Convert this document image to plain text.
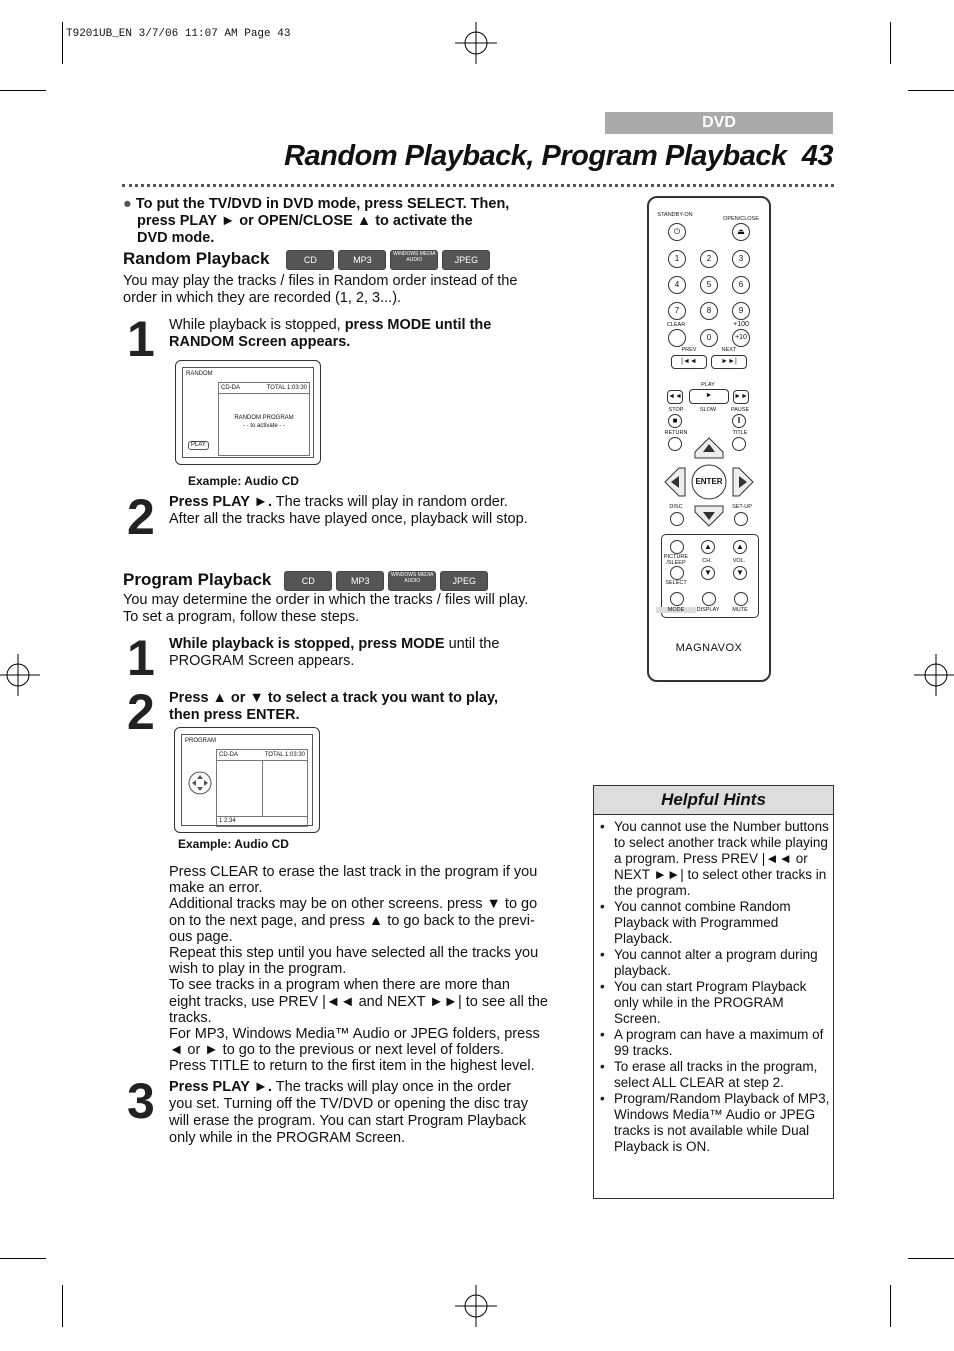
T9201UB_EN 3/7/06 11:07 AM Page 43
DVD
Random Playback, Program Playback 43
● To put the TV/DVD in DVD mode, press SELECT. Then,
press PLAY ► or OPEN/CLOSE ▲ to activate the
DVD mode.
Random Playback	CD	MP3WINDOWS MEDIA AUDIO	JPEG
You may play the tracks / files in Random order instead of the
order in which they are recorded (1, 2, 3...).
1 While playback is stopped, press MODE until the
RANDOM Screen appears.
RANDOM
CD-DA	TOTAL 1:03:30
RANDOM PROGRAM
- - to activate - -
PLAY
Example: Audio CD
2 Press PLAY ►. The tracks will play in random order.
After all the tracks have played once, playback will stop.
Program Playback	CD	MP3WINDOWS MEDIA AUDIO	JPEG
You may determine the order in which the tracks / files will play.
To set a program, follow these steps.
1 While playback is stopped, press MODE until the
PROGRAM Screen appears.
2 Press ▲ or ▼ to select a track you want to play,
then press ENTER.
PROGRAM
CD-DA	TOTAL 1:03:30
1 2:34
Example: Audio CD
Press CLEAR to erase the last track in the program if you
make an error.
Additional tracks may be on other screens. press ▼ to go
on to the next page, and press ▲ to go back to the previ-
ous page.
Repeat this step until you have selected all the tracks you
wish to play in the program.
To see tracks in a program when there are more than
eight tracks, use PREV |◄◄ and NEXT ►►| to see all the
tracks.
For MP3, Windows Media™ Audio or JPEG folders, press
◄ or ► to go to the previous or next level of folders.
Press TITLE to return to the first item in the highest level.
3 Press PLAY ►. The tracks will play once in the order
you set. Turning off the TV/DVD or opening the disc tray
will erase the program. You can start Program Playback
only while in the PROGRAM Screen.
STANDBY-ON
OPEN/CLOSE
⏻	⏏
1	2	3
4	5	6
7	8	9
CLEAR	+100
0	+10
PREV	NEXT
|◄◄	►►|
PLAY
◄◄	►	►►
STOP	SLOW	PAUSE
■	‖
RETURN	TITLE
ENTER
DISC	SET-UP
▲	▲
PICTURE /SLEEP	CH.	VOL.
▼	▼
SELECT
MODE	DISPLAY	MUTE
MAGNAVOX
Helpful Hints
• You cannot use the Number buttons to select another track while playing a program. Press PREV |◄◄ or NEXT ►►| to select other tracks in the program.
• You cannot combine Random Playback with Programmed Playback.
• You cannot alter a program during playback.
• You can start Program Playback only while in the PROGRAM Screen.
• A program can have a maximum of 99 tracks.
• To erase all tracks in the program, select ALL CLEAR at step 2.
• Program/Random Playback of MP3, Windows Media™ Audio or JPEG tracks is not available while Dual Playback is ON.
